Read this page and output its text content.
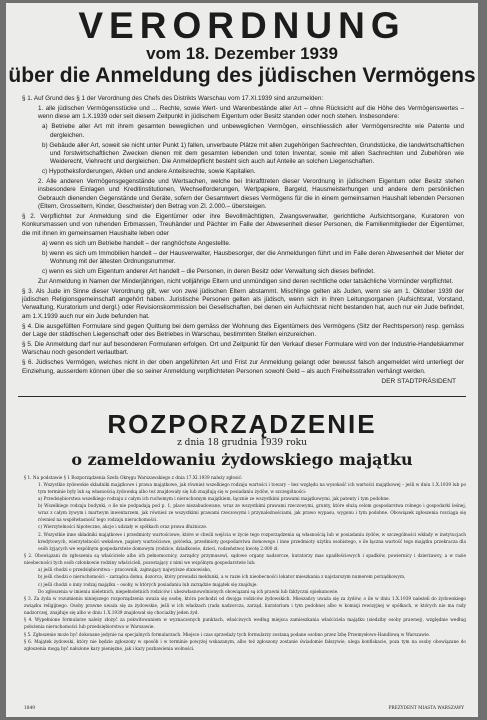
VERORDNUNG
vom 18. Dezember 1939
über die Anmeldung des jüdischen Vermögens

§ 1. Auf Grund des § 1 der Verordnung des Chefs des Distrikts Warschau vom 17.XI.1939 sind anzumelden:

1. alle jüdischen Vermögensstücke und ... Rechte, sowie Wert- und Warenbestände aller Art – ohne Rücksicht auf die Höhe des Vermögenswertes – wenn diese am 1.X.1939 oder seit diesem Zeitpunkt in jüdischem Eigentum oder Besitz standen oder noch stehen. Insbesondere:

a) Betriebe aller Art mit ihrem gesamten beweglichen und unbeweglichen Vermögen, einschliesslich aller Vermögensrechte wie Patente und dergleichen.

b) Gebäude aller Art, soweit sie nicht unter Punkt 1) fallen, unverbaute Plätze mit allen zugehörigen Sachrechten, Grundstücke, die landwirtschaftlichen und forstwirtschaftlichen Zwecken dienen mit dem gesamten lebenden und toten Inventar, sowie mit allen Sachrechten und Zubehören wie Weiderecht, Viehrecht und dergleichen. Die Anmeldepflicht besteht sich auch auf Anteile an solchen Liegenschaften.

c) Hypotheksforderungen, Aktien und andere Anteilsrechte, sowie Kapitalien.

2. Alle anderen Vermögensgegenstände und Wertsachen, welche bei Inkrafttreten dieser Verordnung in jüdischem Eigentum oder Besitz stehen insbesondere Einlagen und Kreditinstitutionen, Wechselforderungen, Wertpapiere, Bargeld, Hausmeisterhungen und andere dem persönlichen Gebrauch dienenden Gegenstände und Geräte, sofern der Gesamtwert dieses Vermögens für die in einem gemeinsamen Haushalt lebenden Personen (Eltern, Grosseltern, Kinder, Geschwister) den Betrag von Zl. 2.000.– übersteigen.

§ 2. Verpflichtet zur Anmeldung sind die Eigentümer oder ihre Bevollmächtigten, Zwangsverwalter, gerichtliche Aufsichtsorgane, Kuratoren von Konkursmassen und von ruhenden Erbmassen, Treuhänder und Pächter im Falle der Abwesenheit dieser Personen, die Familienmitglieder der Eigentümer, die mit ihnen im gemeinsamen Haushalte leben oder

a) wenn es sich um Betriebe handelt – der ranghöchste Angestellte.

b) wenn es sich um Immobilien handelt – der Hausverwalter, Hausbesorger, der die Anmeldungen führt und im Falle deren Abwesenheit der Mieter der Wohnung mit der ältesten Ordnungsnummer.

c) wenn es sich um Eigentum anderer Art handelt – die Personen, in deren Besitz oder Verwaltung sich dieses befindet.

Zur Anmeldung in Namen der Minderjährigen, nicht volljährige Eltern und unmündigen sind deren rechtliche oder tatsächliche Vormünder verpflichtet.

§ 3. Als Jude im Sinne dieser Verordnung gilt, wer von zwei jüdischen Eltern abstammt. Mischlinge gelten als Juden, wenn sie am 1. Oktober 1939 der jüdischen Religionsgemeinschaft angehört haben. Juristische Personen gelten als jüdisch, wenn sich in ihren Leitungsorganen (Aufsichtsrat, Vorstand, Verwaltung, Kuratorium und dergl.) oder Revisionskommission bei Gesellschaften, bei denen ein Aufsichtsrat nicht bestanden hat, auch nur ein Jude befindet, am 1.X.1939 auch nur ein Jude befunden hat.

§ 4. Die ausgefüllten Formulare sind gegen Quittung bei dem gemäss der Wohnung des Eigentümers des Vermögens (Sitz der Rechtsperson) resp. gemäss der Lage der städtischen Liegenschaft oder des Betriebes in Warschau, bestimmten Stellen einzureichen.

§ 5. Die Anmeldung darf nur auf besonderen Formularen erfolgen. Ort und Zeitpunkt für den Verkauf dieser Formulare wird von der Industrie-Handelskammer Warschau noch gesondert verlautbart.

§ 6. Jüdisches Vermögen, welches nicht in der oben angeführten Art und Frist zur Anmeldung gelangt oder bewusst falsch angemeldet wird unterliegt der Einziehung, ausserdem können über die so seiner Anmeldung verpflichteten Personen sowohl Geld – als auch Freiheitsstrafen verhängt werden.

DER STADTPRÄSIDENT
ROZPORZĄDZENIE
z dnia 18 grudnia 1939 roku
o zameldowaniu żydowskiego majątku

§ 1. Na podstawie § 1 Rozporządzenia Szefa Okręgu Warszawskiego z dnia 17.XI.1939 należy zgłosić:

1. Wszystkie żydowskie składniki majątkowe i prawa majątkowe, jak również wszelkiego rodzaju wartości i towary – bez względu na wysokość ich wartości majątkowej – jeśli w dniu 1.X.1939 lub po tym terminie były lub są własnością żydowską albo też znajdowały się lub znajdują się w posiadaniu żydów, w szczególności:

a) Przedsiębiorstwa wszelkiego rodzaju z całym ich ruchomym i nieruchomym majątkiem, łącznie ze wszystkimi prawami majątkowymi, jak patenty i tym podobne.

b) Wszelkiego rodzaju budynki, o ile nie podpadają pod p. 1, place niezabudowane, wraz ze wszystkimi prawami rzeczowymi, grunty, które służą celom gospodarstwa rolnego i gospodarki leśnej, wraz z całym żywym i martwym inwentarzem, jak również ze wszystkimi prawami rzeczowymi i przynależnościami, jak prawo wypasu, wygonu i tym podobne. Obowiązek zgłoszenia rozciąga się również na współwłasność tego rodzaju nieruchomości.

c) Wierzytelności hipoteczne, akcje i udziały w spółkach oraz prawa dłużnicze.

2. Wszystkie inne składniki majątkowe i przedmioty wartościowe, które w chwili wejścia w życie tego rozporządzenia są własnością lub w posiadaniu żydów, w szczególności wkłady w instytucjach kredytowych, wierzytelności wekslowe, papiery wartościowe, gotówka, przedmioty gospodarstwa domowego i inne przedmioty użytku osobistego, o ile łączna wartość tego majątku przekracza dla osób żyjących we wspólnym gospodarstwie domowym (rodzice, dziadkowie, dzieci, rodzeństwo) kwotę 2.000 zł.

§ 2. Obowiązani do zgłoszenia są właściciele albo ich pełnomocnicy, zarządcy przymusowi, sądowe organy nadzorcze, kuratorzy mas upadłościowych i spadków, powiernicy i dzierżawcy, a w razie nieobecności tych osób członkowie rodziny właścicieli, pozostający z nimi we wspólnym gospodarstwie lub:

a) jeśli chodzi o przedsiębiorstwa – pracownik, zajmujący najwyższe stanowisko,

b) jeśli chodzi o nieruchomości – zarządca domu, dozorca, który prowadzi meldunki, a w razie ich nieobecności lokator mieszkania z najstarszym numerem porządkowym,

c) jeśli chodzi o inny rodzaj majątku – osoby, w których posiadaniu lub zarządzie majątek się znajduje.

Do zgłoszenia w imieniu nieletnich, niepełnoletnich rodziców i ubezwłasnowolnionych obowiązani są ich prawni lub faktyczni opiekunowie.

§ 3. Za żyda w rozumieniu niniejszego rozporządzenia uważa się osobę, która pochodzi od dwojga rodziców żydowskich. Mieszańcy uważa się za żydów, o ile w dniu 1.X.1939 należeli do żydowskiego związku religijnego. Osoby prawne uważa się za żydowskie, jeśli w ich władzach (rada nadzorcza, zarząd, kuratorium i tym podobne) albo w komisji rewizyjnej w spółkach, w których nie ma rady nadzorczej, znajduje się albo w dniu 1.X.1939 znajdował się chociażby jeden żyd.

§ 4. Wypełnione formularze należy złożyć za pokwitowaniem w wyznaczonych punktach, właściwych według miejsca zamieszkania właściciela majątku (siedziby osoby prawnej), względnie według położenia nieruchomości lub przedsiębiorstwa w Warszawie.

§ 5. Zgłoszenie może być dokonane jedynie na specjalnych formularzach. Miejsce i czas sprzedaży tych formularzy zostaną podane osobno przez Izbę Przemysłowo-Handlową w Warszawie.

§ 6. Majątek żydowski, który nie będzie zgłoszony w sposób i w terminie powyżej wskazanym, albo też zgłoszony zostanie świadomie fałszywie, ulega konfiskacie, poza tym na osoby obowiązane do zgłoszenia mogą być nałożone kary pieniężne, jak i kary pozbawienia wolności.

1849	PREZYDENT MIASTA WARSZAWY
